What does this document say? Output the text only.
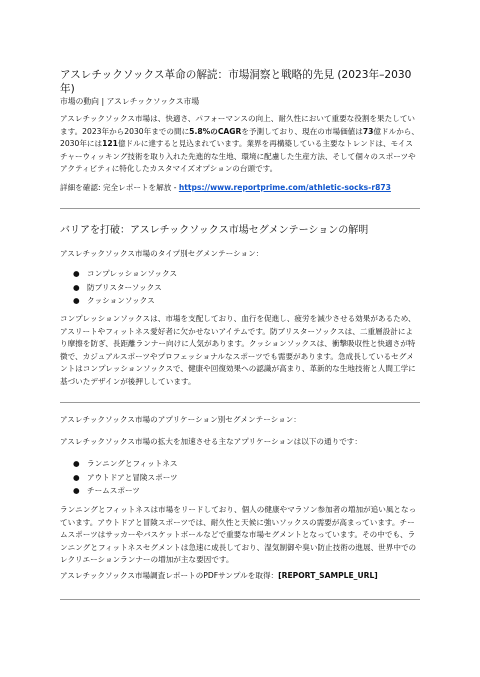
アスレチックソックス革命の解読：市場洞察と戦略的先見 (2023年–2030年)

市場の動向 | アスレチックソックス市場

アスレチックソックス市場は、快適さ、パフォーマンスの向上、耐久性において重要な役割を果たしています。2023年から2030年までの間に5.8%のCAGRを予測しており、現在の市場価値は73億ドルから、2030年には121億ドルに達すると見込まれています。業界を再構築している主要なトレンドは、モイスチャーウィッキング技術を取り入れた先進的な生地、環境に配慮した生産方法、そして個々のスポーツやアクティビティに特化したカスタマイズオプションの台頭です。

詳細を確認: 完全レポートを解放 - https://www.reportprime.com/athletic-socks-r873

バリアを打破：アスレチックソックス市場セグメンテーションの解明

アスレチックソックス市場のタイプ別セグメンテーション：

● コンプレッションソックス
● 防ブリスターソックス
● クッションソックス

コンプレッションソックスは、市場を支配しており、血行を促進し、疲労を減少させる効果があるため、アスリートやフィットネス愛好者に欠かせないアイテムです。防ブリスターソックスは、二重層設計により摩擦を防ぎ、長距離ランナー向けに人気があります。クッションソックスは、衝撃吸収性と快適さが特徴で、カジュアルスポーツやプロフェッショナルなスポーツでも需要があります。急成長しているセグメントはコンプレッションソックスで、健康や回復効果への認識が高まり、革新的な生地技術と人間工学に基づいたデザインが後押ししています。

アスレチックソックス市場のアプリケーション別セグメンテーション：

アスレチックソックス市場の拡大を加速させる主なアプリケーションは以下の通りです：

● ランニングとフィットネス
● アウトドアと冒険スポーツ
● チームスポーツ

ランニングとフィットネスは市場をリードしており、個人の健康やマラソン参加者の増加が追い風となっています。アウトドアと冒険スポーツでは、耐久性と天候に強いソックスの需要が高まっています。チームスポーツはサッカーやバスケットボールなどで重要な市場セグメントとなっています。その中でも、ランニングとフィットネスセグメントは急速に成長しており、湿気制御や臭い防止技術の進展、世界中でのレクリエーションランナーの増加が主な要因です。

アスレチックソックス市場調査レポートのPDFサンプルを取得：[REPORT_SAMPLE_URL]
